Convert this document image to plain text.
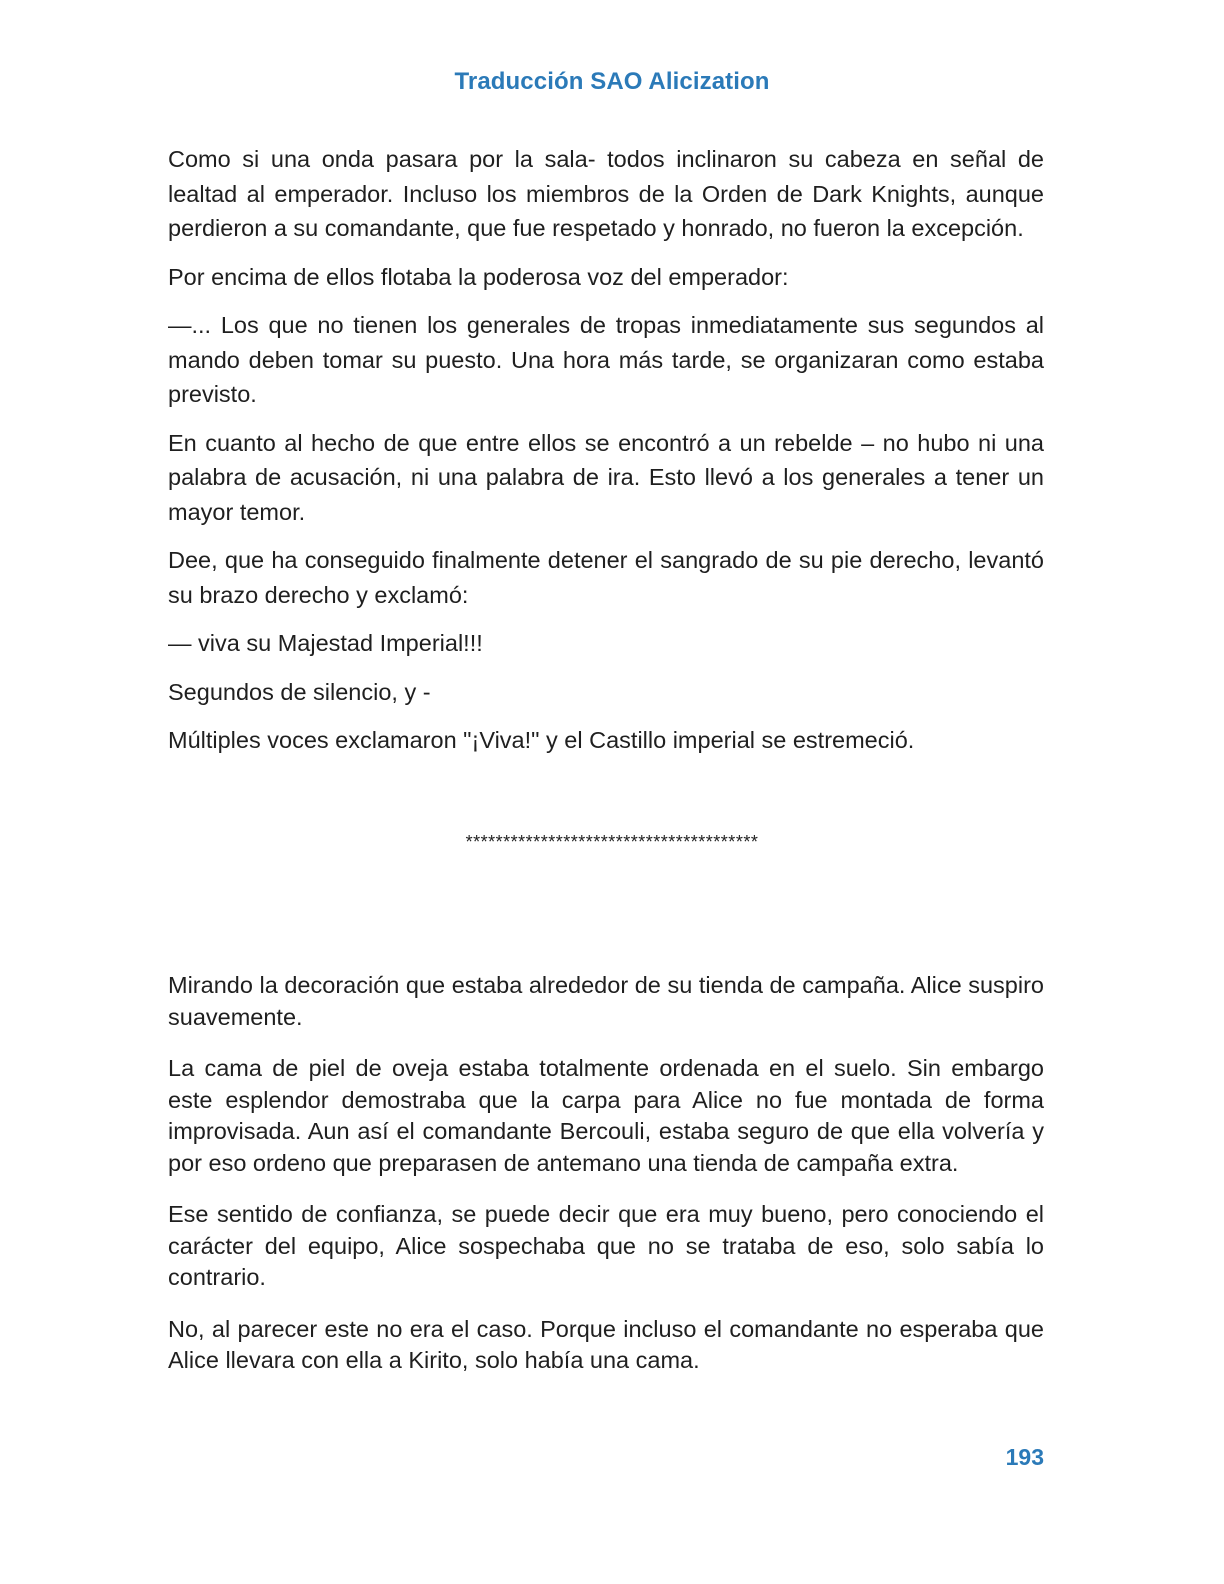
Traducción SAO Alicization

Como si una onda pasara por la sala- todos inclinaron su cabeza en señal de lealtad al emperador. Incluso los miembros de la Orden de Dark Knights, aunque perdieron a su comandante, que fue respetado y honrado, no fueron la excepción.

Por encima de ellos flotaba la poderosa voz del emperador:

—... Los que no tienen los generales de tropas inmediatamente sus segundos al mando deben tomar su puesto. Una hora más tarde, se organizaran como estaba previsto.

En cuanto al hecho de que entre ellos se encontró a un rebelde – no hubo ni una palabra de acusación, ni una palabra de ira. Esto llevó a los generales a tener un mayor temor.

Dee, que ha conseguido finalmente detener el sangrado de su pie derecho, levantó su brazo derecho y exclamó:

— viva su Majestad Imperial!!!

Segundos de silencio, y -

Múltiples voces exclamaron "¡Viva!" y el Castillo imperial se estremeció.

***************************************

Mirando la decoración que estaba alrededor de su tienda de campaña. Alice suspiro suavemente.

La cama de piel de oveja estaba totalmente ordenada en el suelo. Sin embargo este esplendor demostraba que la carpa para Alice no fue montada de forma improvisada. Aun así el comandante Bercouli, estaba seguro de que ella volvería y por eso ordeno que preparasen de antemano una tienda de campaña extra.

Ese sentido de confianza, se puede decir que era muy bueno, pero conociendo el carácter del equipo, Alice sospechaba que no se trataba de eso, solo sabía lo contrario.

No, al parecer este no era el caso. Porque incluso el comandante no esperaba que Alice llevara con ella a Kirito, solo había una cama.

193
